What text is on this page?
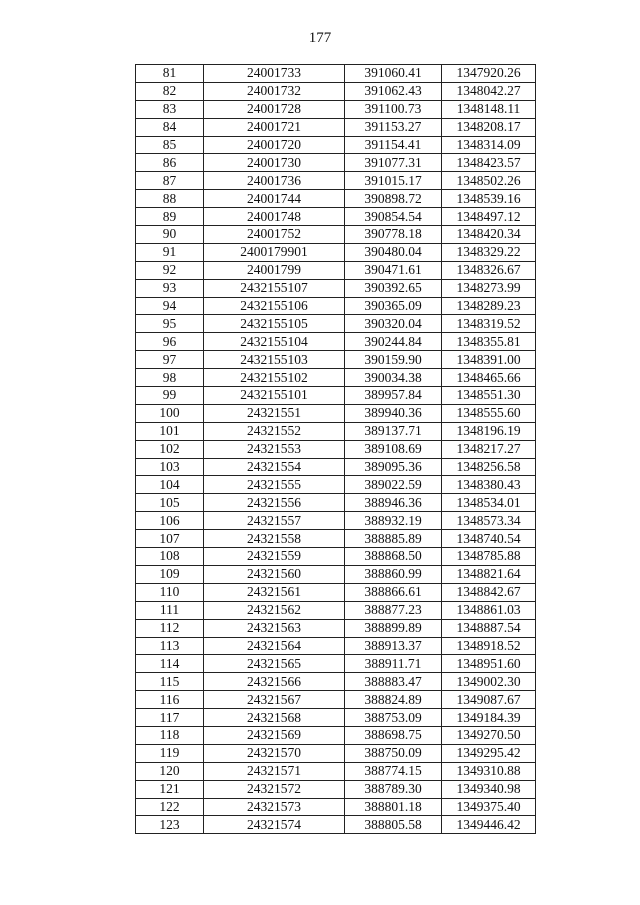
177
81	24001733	391060.41	1347920.26
82	24001732	391062.43	1348042.27
83	24001728	391100.73	1348148.11
84	24001721	391153.27	1348208.17
85	24001720	391154.41	1348314.09
86	24001730	391077.31	1348423.57
87	24001736	391015.17	1348502.26
88	24001744	390898.72	1348539.16
89	24001748	390854.54	1348497.12
90	24001752	390778.18	1348420.34
91	2400179901	390480.04	1348329.22
92	24001799	390471.61	1348326.67
93	2432155107	390392.65	1348273.99
94	2432155106	390365.09	1348289.23
95	2432155105	390320.04	1348319.52
96	2432155104	390244.84	1348355.81
97	2432155103	390159.90	1348391.00
98	2432155102	390034.38	1348465.66
99	2432155101	389957.84	1348551.30
100	24321551	389940.36	1348555.60
101	24321552	389137.71	1348196.19
102	24321553	389108.69	1348217.27
103	24321554	389095.36	1348256.58
104	24321555	389022.59	1348380.43
105	24321556	388946.36	1348534.01
106	24321557	388932.19	1348573.34
107	24321558	388885.89	1348740.54
108	24321559	388868.50	1348785.88
109	24321560	388860.99	1348821.64
110	24321561	388866.61	1348842.67
111	24321562	388877.23	1348861.03
112	24321563	388899.89	1348887.54
113	24321564	388913.37	1348918.52
114	24321565	388911.71	1348951.60
115	24321566	388883.47	1349002.30
116	24321567	388824.89	1349087.67
117	24321568	388753.09	1349184.39
118	24321569	388698.75	1349270.50
119	24321570	388750.09	1349295.42
120	24321571	388774.15	1349310.88
121	24321572	388789.30	1349340.98
122	24321573	388801.18	1349375.40
123	24321574	388805.58	1349446.42
